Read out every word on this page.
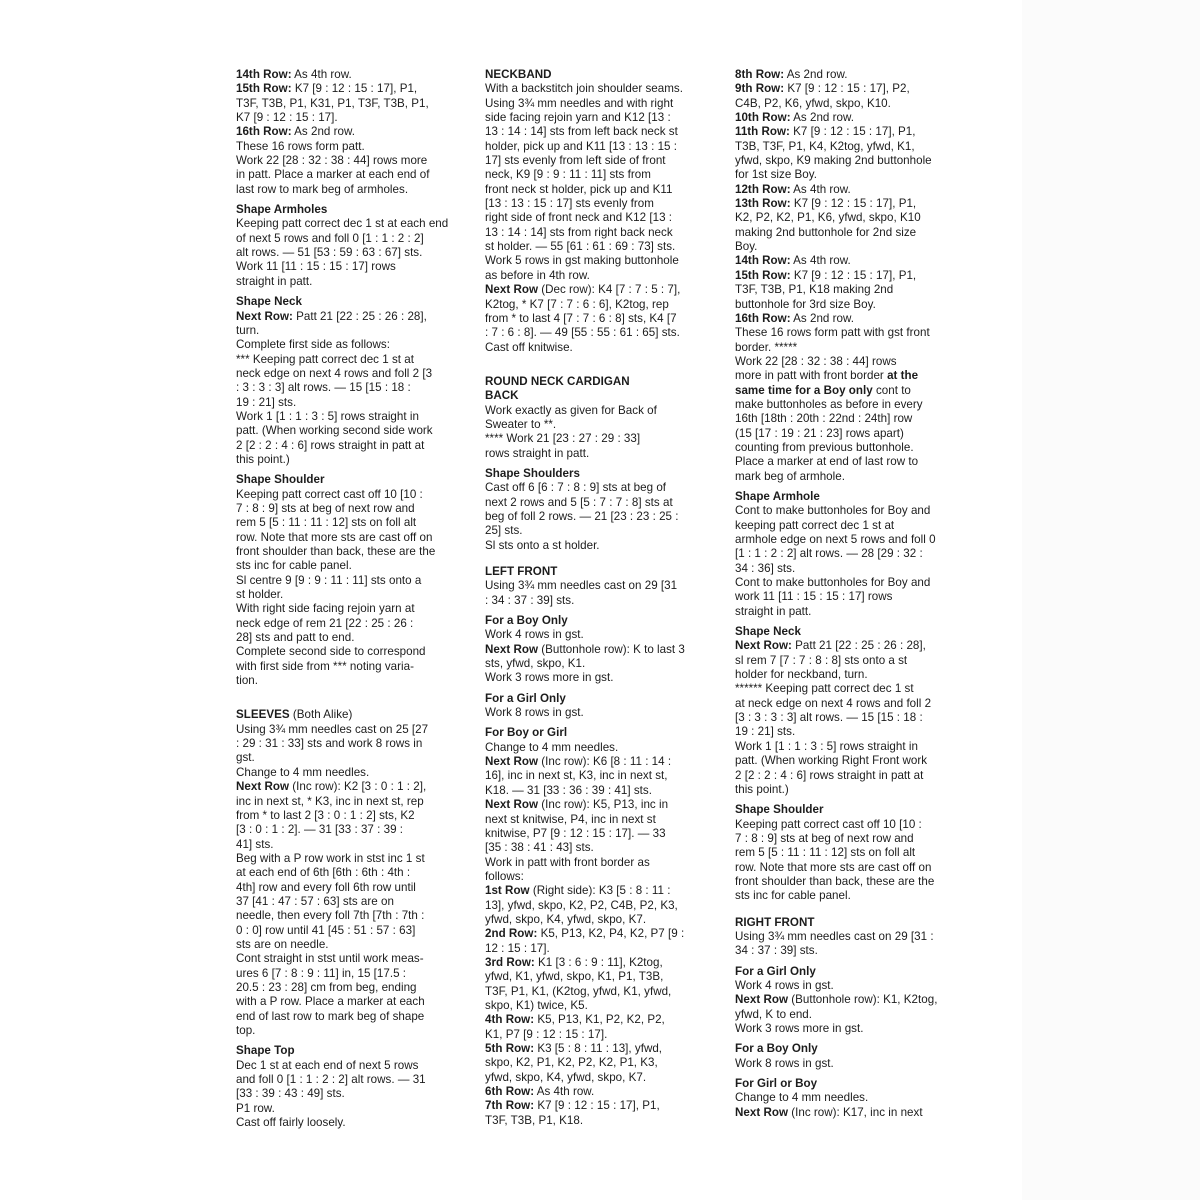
14th Row: As 4th row.
15th Row: K7 [9 : 12 : 15 : 17], P1,
T3F, T3B, P1, K31, P1, T3F, T3B, P1,
K7 [9 : 12 : 15 : 17].
16th Row: As 2nd row.
These 16 rows form patt.
Work 22 [28 : 32 : 38 : 44] rows more
in patt. Place a marker at each end of
last row to mark beg of armholes.
Shape Armholes
Keeping patt correct dec 1 st at each end
of next 5 rows and foll 0 [1 : 1 : 2 : 2]
alt rows. — 51 [53 : 59 : 63 : 67] sts.
Work 11 [11 : 15 : 15 : 17] rows
straight in patt.
Shape Neck
Next Row: Patt 21 [22 : 25 : 26 : 28],
turn.
Complete first side as follows:
*** Keeping patt correct dec 1 st at
neck edge on next 4 rows and foll 2 [3
: 3 : 3 : 3] alt rows. — 15 [15 : 18 :
19 : 21] sts.
Work 1 [1 : 1 : 3 : 5] rows straight in
patt. (When working second side work
2 [2 : 2 : 4 : 6] rows straight in patt at
this point.)
Shape Shoulder
Keeping patt correct cast off 10 [10 :
7 : 8 : 9] sts at beg of next row and
rem 5 [5 : 11 : 11 : 12] sts on foll alt
row. Note that more sts are cast off on
front shoulder than back, these are the
sts inc for cable panel.
Sl centre 9 [9 : 9 : 11 : 11] sts onto a
st holder.
With right side facing rejoin yarn at
neck edge of rem 21 [22 : 25 : 26 :
28] sts and patt to end.
Complete second side to correspond
with first side from *** noting varia-
tion.
SLEEVES (Both Alike)
Using 3¾ mm needles cast on 25 [27
: 29 : 31 : 33] sts and work 8 rows in
gst.
Change to 4 mm needles.
Next Row (Inc row): K2 [3 : 0 : 1 : 2],
inc in next st, * K3, inc in next st, rep
from * to last 2 [3 : 0 : 1 : 2] sts, K2
[3 : 0 : 1 : 2]. — 31 [33 : 37 : 39 :
41] sts.
Beg with a P row work in stst inc 1 st
at each end of 6th [6th : 6th : 4th :
4th] row and every foll 6th row until
37 [41 : 47 : 57 : 63] sts are on
needle, then every foll 7th [7th : 7th :
0 : 0] row until 41 [45 : 51 : 57 : 63]
sts are on needle.
Cont straight in stst until work meas-
ures 6 [7 : 8 : 9 : 11] in, 15 [17.5 :
20.5 : 23 : 28] cm from beg, ending
with a P row. Place a marker at each
end of last row to mark beg of shape
top.
Shape Top
Dec 1 st at each end of next 5 rows
and foll 0 [1 : 1 : 2 : 2] alt rows. — 31
[33 : 39 : 43 : 49] sts.
P1 row.
Cast off fairly loosely.
NECKBAND
With a backstitch join shoulder seams.
Using 3¾ mm needles and with right
side facing rejoin yarn and K12 [13 :
13 : 14 : 14] sts from left back neck st
holder, pick up and K11 [13 : 13 : 15 :
17] sts evenly from left side of front
neck, K9 [9 : 9 : 11 : 11] sts from
front neck st holder, pick up and K11
[13 : 13 : 15 : 17] sts evenly from
right side of front neck and K12 [13 :
13 : 14 : 14] sts from right back neck
st holder. — 55 [61 : 61 : 69 : 73] sts.
Work 5 rows in gst making buttonhole
as before in 4th row.
Next Row (Dec row): K4 [7 : 7 : 5 : 7],
K2tog, * K7 [7 : 7 : 6 : 6], K2tog, rep
from * to last 4 [7 : 7 : 6 : 8] sts, K4 [7
: 7 : 6 : 8]. — 49 [55 : 55 : 61 : 65] sts.
Cast off knitwise.
ROUND NECK CARDIGAN
BACK
Work exactly as given for Back of
Sweater to **.
**** Work 21 [23 : 27 : 29 : 33]
rows straight in patt.
Shape Shoulders
Cast off 6 [6 : 7 : 8 : 9] sts at beg of
next 2 rows and 5 [5 : 7 : 7 : 8] sts at
beg of foll 2 rows. — 21 [23 : 23 : 25 :
25] sts.
Sl sts onto a st holder.
LEFT FRONT
Using 3¾ mm needles cast on 29 [31
: 34 : 37 : 39] sts.
For a Boy Only
Work 4 rows in gst.
Next Row (Buttonhole row): K to last 3
sts, yfwd, skpo, K1.
Work 3 rows more in gst.
For a Girl Only
Work 8 rows in gst.
For Boy or Girl
Change to 4 mm needles.
Next Row (Inc row): K6 [8 : 11 : 14 :
16], inc in next st, K3, inc in next st,
K18. — 31 [33 : 36 : 39 : 41] sts.
Next Row (Inc row): K5, P13, inc in
next st knitwise, P4, inc in next st
knitwise, P7 [9 : 12 : 15 : 17]. — 33
[35 : 38 : 41 : 43] sts.
Work in patt with front border as
follows:
1st Row (Right side): K3 [5 : 8 : 11 :
13], yfwd, skpo, K2, P2, C4B, P2, K3,
yfwd, skpo, K4, yfwd, skpo, K7.
2nd Row: K5, P13, K2, P4, K2, P7 [9 :
12 : 15 : 17].
3rd Row: K1 [3 : 6 : 9 : 11], K2tog,
yfwd, K1, yfwd, skpo, K1, P1, T3B,
T3F, P1, K1, (K2tog, yfwd, K1, yfwd,
skpo, K1) twice, K5.
4th Row: K5, P13, K1, P2, K2, P2,
K1, P7 [9 : 12 : 15 : 17].
5th Row: K3 [5 : 8 : 11 : 13], yfwd,
skpo, K2, P1, K2, P2, K2, P1, K3,
yfwd, skpo, K4, yfwd, skpo, K7.
6th Row: As 4th row.
7th Row: K7 [9 : 12 : 15 : 17], P1,
T3F, T3B, P1, K18.
8th Row: As 2nd row.
9th Row: K7 [9 : 12 : 15 : 17], P2,
C4B, P2, K6, yfwd, skpo, K10.
10th Row: As 2nd row.
11th Row: K7 [9 : 12 : 15 : 17], P1,
T3B, T3F, P1, K4, K2tog, yfwd, K1,
yfwd, skpo, K9 making 2nd buttonhole
for 1st size Boy.
12th Row: As 4th row.
13th Row: K7 [9 : 12 : 15 : 17], P1,
K2, P2, K2, P1, K6, yfwd, skpo, K10
making 2nd buttonhole for 2nd size
Boy.
14th Row: As 4th row.
15th Row: K7 [9 : 12 : 15 : 17], P1,
T3F, T3B, P1, K18 making 2nd
buttonhole for 3rd size Boy.
16th Row: As 2nd row.
These 16 rows form patt with gst front
border. *****
Work 22 [28 : 32 : 38 : 44] rows
more in patt with front border at the
same time for a Boy only cont to
make buttonholes as before in every
16th [18th : 20th : 22nd : 24th] row
(15 [17 : 19 : 21 : 23] rows apart)
counting from previous buttonhole.
Place a marker at end of last row to
mark beg of armhole.
Shape Armhole
Cont to make buttonholes for Boy and
keeping patt correct dec 1 st at
armhole edge on next 5 rows and foll 0
[1 : 1 : 2 : 2] alt rows. — 28 [29 : 32 :
34 : 36] sts.
Cont to make buttonholes for Boy and
work 11 [11 : 15 : 15 : 17] rows
straight in patt.
Shape Neck
Next Row: Patt 21 [22 : 25 : 26 : 28],
sl rem 7 [7 : 7 : 8 : 8] sts onto a st
holder for neckband, turn.
****** Keeping patt correct dec 1 st
at neck edge on next 4 rows and foll 2
[3 : 3 : 3 : 3] alt rows. — 15 [15 : 18 :
19 : 21] sts.
Work 1 [1 : 1 : 3 : 5] rows straight in
patt. (When working Right Front work
2 [2 : 2 : 4 : 6] rows straight in patt at
this point.)
Shape Shoulder
Keeping patt correct cast off 10 [10 :
7 : 8 : 9] sts at beg of next row and
rem 5 [5 : 11 : 11 : 12] sts on foll alt
row. Note that more sts are cast off on
front shoulder than back, these are the
sts inc for cable panel.
RIGHT FRONT
Using 3¾ mm needles cast on 29 [31 :
34 : 37 : 39] sts.
For a Girl Only
Work 4 rows in gst.
Next Row (Buttonhole row): K1, K2tog,
yfwd, K to end.
Work 3 rows more in gst.
For a Boy Only
Work 8 rows in gst.
For Girl or Boy
Change to 4 mm needles.
Next Row (Inc row): K17, inc in next
